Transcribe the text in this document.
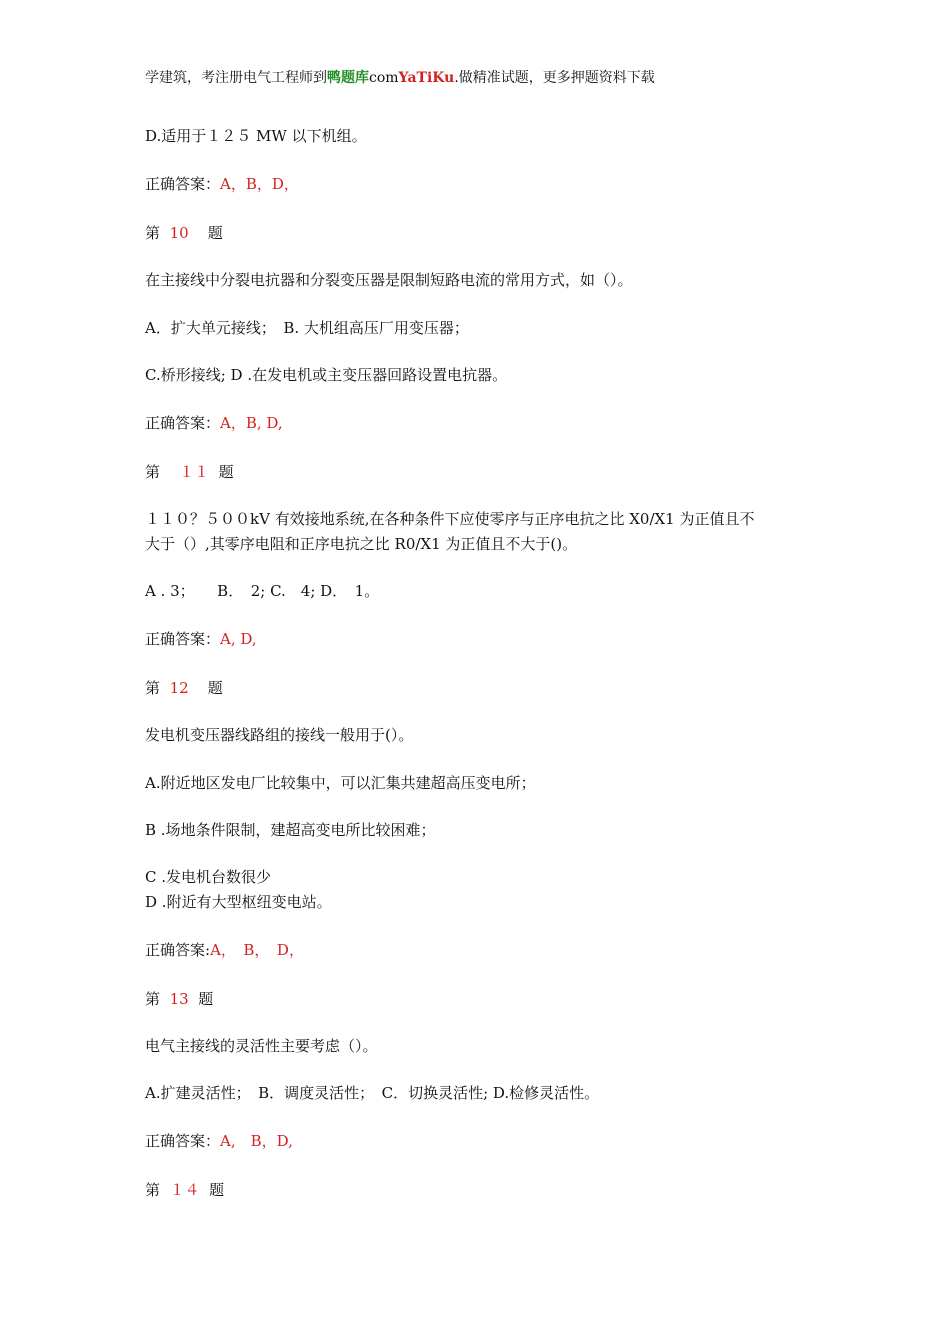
学建筑，考注册电气工程师到鸭题库comYaTiKu.做精准试题，更多押题资料下载
D.适用于１２５ MW 以下机组。
正确答案：A，B，D，
第 10 题
在主接线中分裂电抗器和分裂变压器是限制短路电流的常用方式，如（）。
A．扩大单元接线；　B. 大机组高压厂用变压器；
C.桥形接线; D .在发电机或主变压器回路设置电抗器。
正确答案：A，B, D,
第 １１ 题
１１０？５００kV 有效接地系统,在各种条件下应使零序与正序电抗之比 X0/X1 为正值且不
大于（）,其零序电阻和正序电抗之比 R0/X1 为正值且不大于()。
A . 3；　　B．　2; C.　4; D．　1。
正确答案：A, D,
第 12 题
发电机变压器线路组的接线一般用于(）。
A.附近地区发电厂比较集中，可以汇集共建超高压变电所；
B .场地条件限制，建超高变电所比较困难；
C .发电机台数很少
D .附近有大型枢纽变电站。
正确答案:A，　B，　D，
第 13 题
电气主接线的灵活性主要考虑（）。
A.扩建灵活性；　B．调度灵活性；　C．切换灵活性; D.检修灵活性。
正确答案：A,　B，D,
第 １４ 题
